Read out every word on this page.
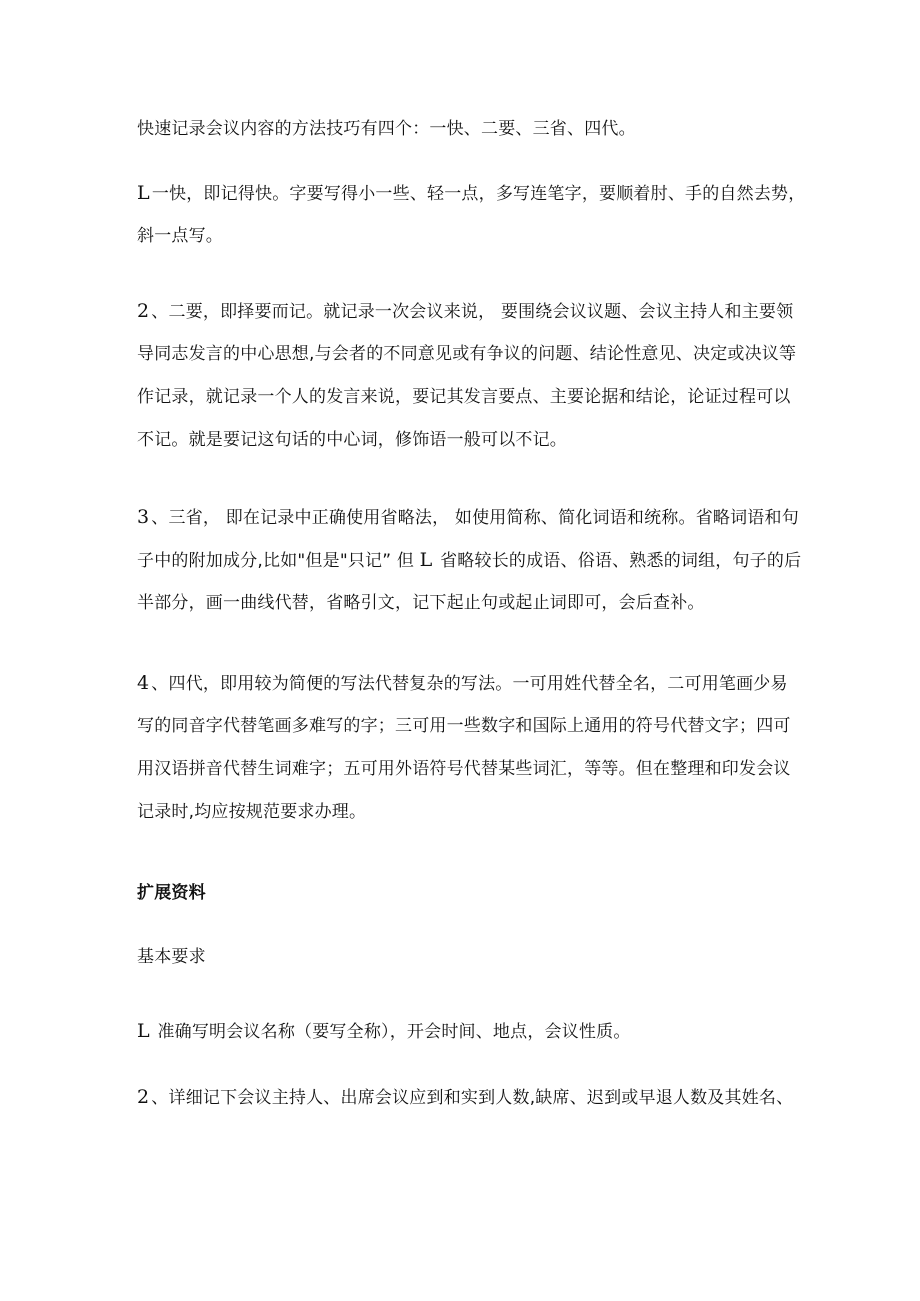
快速记录会议内容的方法技巧有四个：一快、二要、三省、四代。
L 一快，即记得快。字要写得小一些、轻一点，多写连笔字，要顺着肘、手的自然去势，
斜一点写。
2 、二要，即择要而记。就记录一次会议来说， 要围绕会议议题、会议主持人和主要领
导同志发言的中心思想,与会者的不同意见或有争议的问题、结论性意见、决定或决议等
作记录，就记录一个人的发言来说，要记其发言要点、主要论据和结论，论证过程可以
不记。就是要记这句话的中心词，修饰语一般可以不记。
3 、三省， 即在记录中正确使用省略法， 如使用简称、简化词语和统称。省略词语和句
子中的附加成分,比如"但是"只记” 但 L 省略较长的成语、俗语、熟悉的词组，句子的后
半部分，画一曲线代替，省略引文，记下起止句或起止词即可，会后查补。
4 、四代，即用较为简便的写法代替复杂的写法。一可用姓代替全名，二可用笔画少易
写的同音字代替笔画多难写的字；三可用一些数字和国际上通用的符号代替文字；四可
用汉语拼音代替生词难字；五可用外语符号代替某些词汇，等等。但在整理和印发会议
记录时,均应按规范要求办理。
扩展资料
基本要求
L 准确写明会议名称（要写全称），开会时间、地点，会议性质。
2 、详细记下会议主持人、出席会议应到和实到人数,缺席、迟到或早退人数及其姓名、
